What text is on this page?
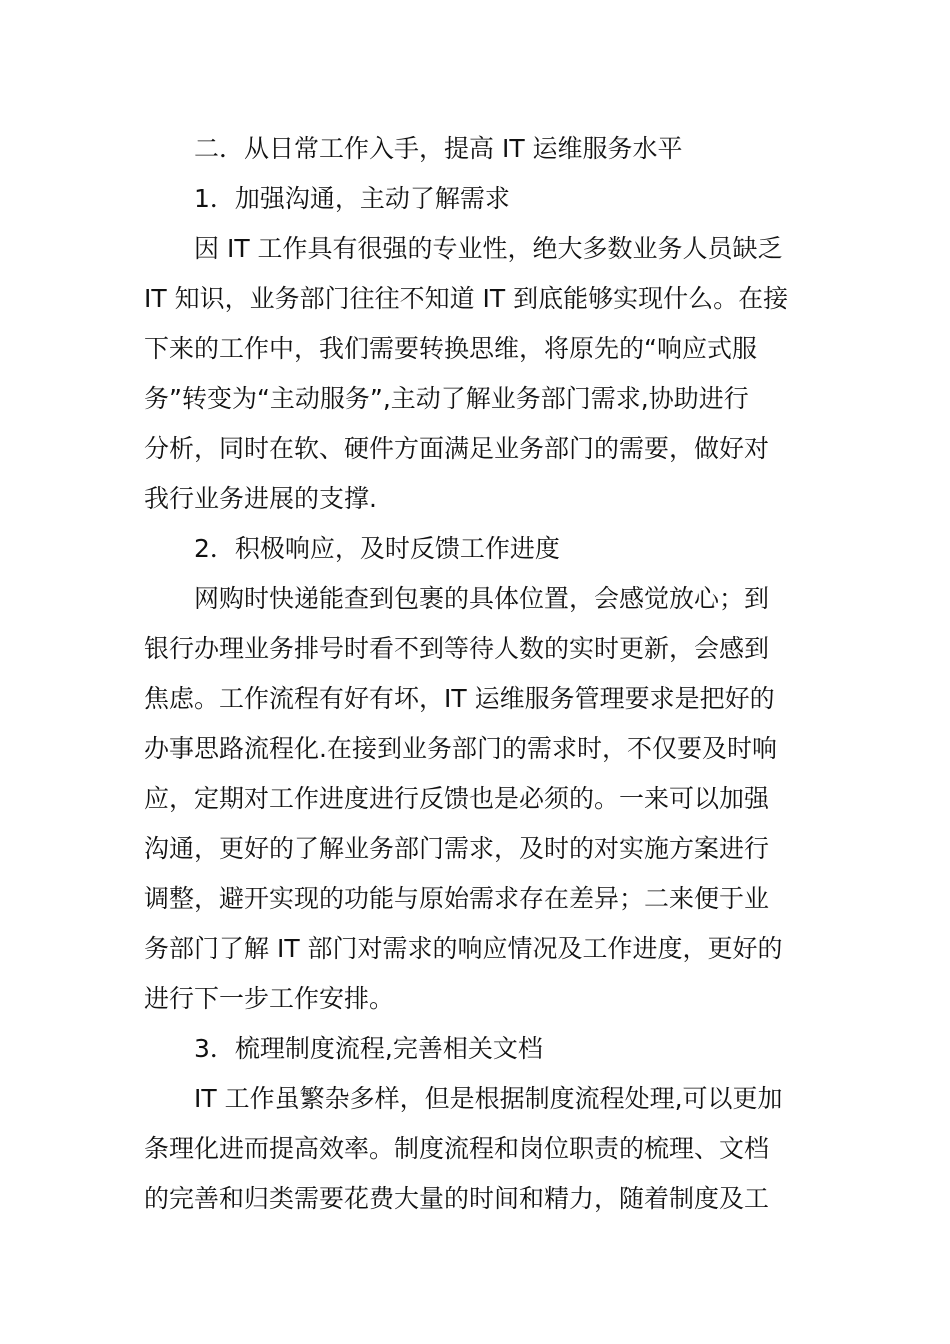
二．从日常工作入手，提高 IT 运维服务水平
1．加强沟通，主动了解需求
因 IT 工作具有很强的专业性，绝大多数业务人员缺乏
IT 知识，业务部门往往不知道 IT 到底能够实现什么。在接
下来的工作中，我们需要转换思维，将原先的“响应式服
务”转变为“主动服务”,主动了解业务部门需求,协助进行
分析，同时在软、硬件方面满足业务部门的需要，做好对
我行业务进展的支撑.
2．积极响应，及时反馈工作进度
网购时快递能查到包裹的具体位置，会感觉放心；到
银行办理业务排号时看不到等待人数的实时更新，会感到
焦虑。工作流程有好有坏，IT 运维服务管理要求是把好的
办事思路流程化.在接到业务部门的需求时，不仅要及时响
应，定期对工作进度进行反馈也是必须的。一来可以加强
沟通，更好的了解业务部门需求，及时的对实施方案进行
调整，避开实现的功能与原始需求存在差异；二来便于业
务部门了解 IT 部门对需求的响应情况及工作进度，更好的
进行下一步工作安排。
3．梳理制度流程,完善相关文档
IT 工作虽繁杂多样，但是根据制度流程处理,可以更加
条理化进而提高效率。制度流程和岗位职责的梳理、文档
的完善和归类需要花费大量的时间和精力，随着制度及工
